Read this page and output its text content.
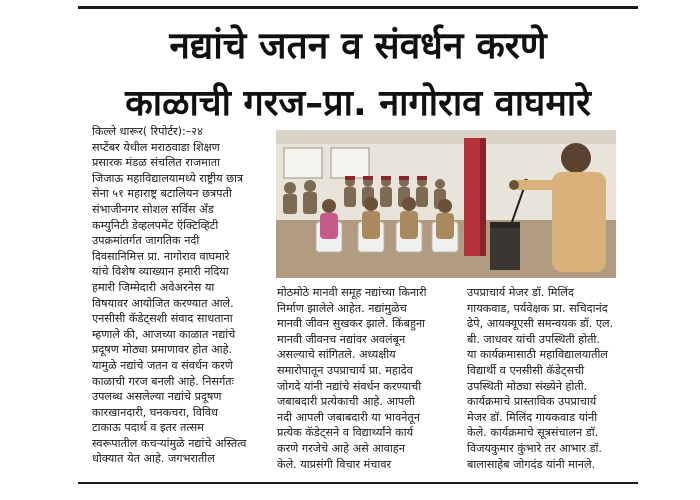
नद्यांचे जतन व संवर्धन करणे
काळाची गरज–प्रा. नागोराव वाघमारे
किल्ले धारूर( रिपोर्टर):–२४
सप्टेंबर येथील मराठवाडा शिक्षण
प्रसारक मंडळ संचलित राजमाता
जिजाऊ महाविद्यालयामध्ये राष्ट्रीय छात्र
सेना ५१ महाराष्ट्र बटालियन छत्रपती
संभाजीनगर सोशल सर्विस अँड
कम्युनिटी डेव्हलपमेंट ऍक्टिव्हिटी
उपक्रमांतर्गत जागतिक नदी
दिवसानिमित्त प्रा. नागोराव वाघमारे
यांचे विशेष व्याख्यान हमारी नदिया
हमारी जिम्मेदारी अवेअरनेस या
विषयावर आयोजित करण्यात आले.
एनसीसी कॅडेट्सशी संवाद साधताना
म्हणाले की, आजच्या काळात नद्यांचे
प्रदूषण मोठ्या प्रमाणावर होत आहे.
यामुळे नद्यांचे जतन व संवर्धन करणे
काळाची गरज बनली आहे. निसर्गतः
उपलब्ध असलेल्या नद्यांचे प्रदूषण
कारखानदारी, घनकचरा, विविध
टाकाऊ पदार्थ व इतर तत्सम
स्वरूपातील कचऱ्यांमुळे नद्यांचे अस्तित्व
धोक्यात येत आहे. जगभरातील
मोठमोठे मानवी समूह नद्यांच्या किनारी
निर्माण झालेले आहेत. नद्यांमुळेच
मानवी जीवन सुखकर झाले. किंबहुना
मानवी जीवनच नद्यांवर अवलंबून
असल्याचे सांगितले. अध्यक्षीय
समारोपातून उपप्राचार्य प्रा. महादेव
जोगदे यांनी नद्यांचे संवर्धन करण्याची
जबाबदारी प्रत्येकाची आहे. आपली
नदी आपली जबाबदारी या भावनेतून
प्रत्येक कॅडेट्सने व विद्यार्थ्यांने कार्य
करणे गरजेचे आहे असे आवाहन
केले. याप्रसंगी विचार मंचावर
उपप्राचार्य मेजर डॉ. मिलिंद
गायकवाड, पर्यवेक्षक प्रा. सचिदानंद
ढेपे, आयक्यूएसी समन्वयक डॉ. एल.
बी. जाधवर यांची उपस्थिती होती.
या कार्यक्रमासाठी महाविद्यालयातील
विद्यार्थी व एनसीसी कॅडेट्सची
उपस्थिती मोठ्या संख्येने होती.
कार्यक्रमाचे प्रास्ताविक उपप्राचार्य
मेजर डॉ. मिलिंद गायकवाड यांनी
केले. कार्यक्रमाचे सूत्रसंचालन डॉ.
विजयकुमार कुंभारे तर आभार डॉ.
बालासाहेब जोगदंड यांनी मानले.
